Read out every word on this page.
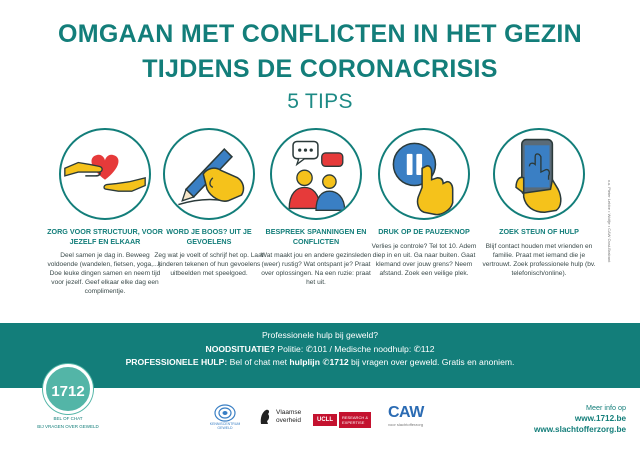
OMGAAN MET CONFLICTEN IN HET GEZIN
TIJDENS DE CORONACRISIS
5 TIPS
ZORG VOOR STRUCTUUR, VOOR JEZELF EN ELKAAR
Deel samen je dag in. Beweeg voldoende (wandelen, fietsen, yoga,...). Doe leuke dingen samen en neem tijd voor jezelf. Geef elkaar elke dag een complimentje.
WORD JE BOOS? UIT JE GEVOELENS
Zeg wat je voelt of schrijf het op. Laat kinderen tekenen of hun gevoelens uitbeelden met speelgoed.
BESPREEK SPANNINGEN EN CONFLICTEN
Wat maakt jou en andere gezinsleden (weer) rustig? Wat ontspant je? Praat over oplossingen. Na een ruzie: praat het uit.
DRUK OP DE PAUZEKNOP
Verlies je controle? Tel tot 10. Adem diep in en uit. Ga naar buiten. Gaat klemand over jouw grens? Neem afstand. Zoek een veilige plek.
ZOEK STEUN OF HULP
Blijf contact houden met vrienden en familie. Praat met iemand die je vertrouwt. Zoek professionele hulp (bv. telefonisch/online).
v.u. Pieter Lebbe • Wolfje • CAW Oost-Brabant
Professionele hulp bij geweld?
NOODSITUATIE? Politie: ✆101 / Medische noodhulp: ✆112
PROFESSIONELE HULP: Bel of chat met hulplijn ✆1712 bij vragen over geweld. Gratis en anoniem.
1712
BEL OF CHAT
BIJ VRAGEN OVER GEWELD	KENNISCENTRUM GEWELD
Vlaamse
overheid	UCLL	RESEARCH &
EXPERTISE
CAW
voor slachtofferzorg
Meer info op
www.1712.be
www.slachtofferzorg.be
